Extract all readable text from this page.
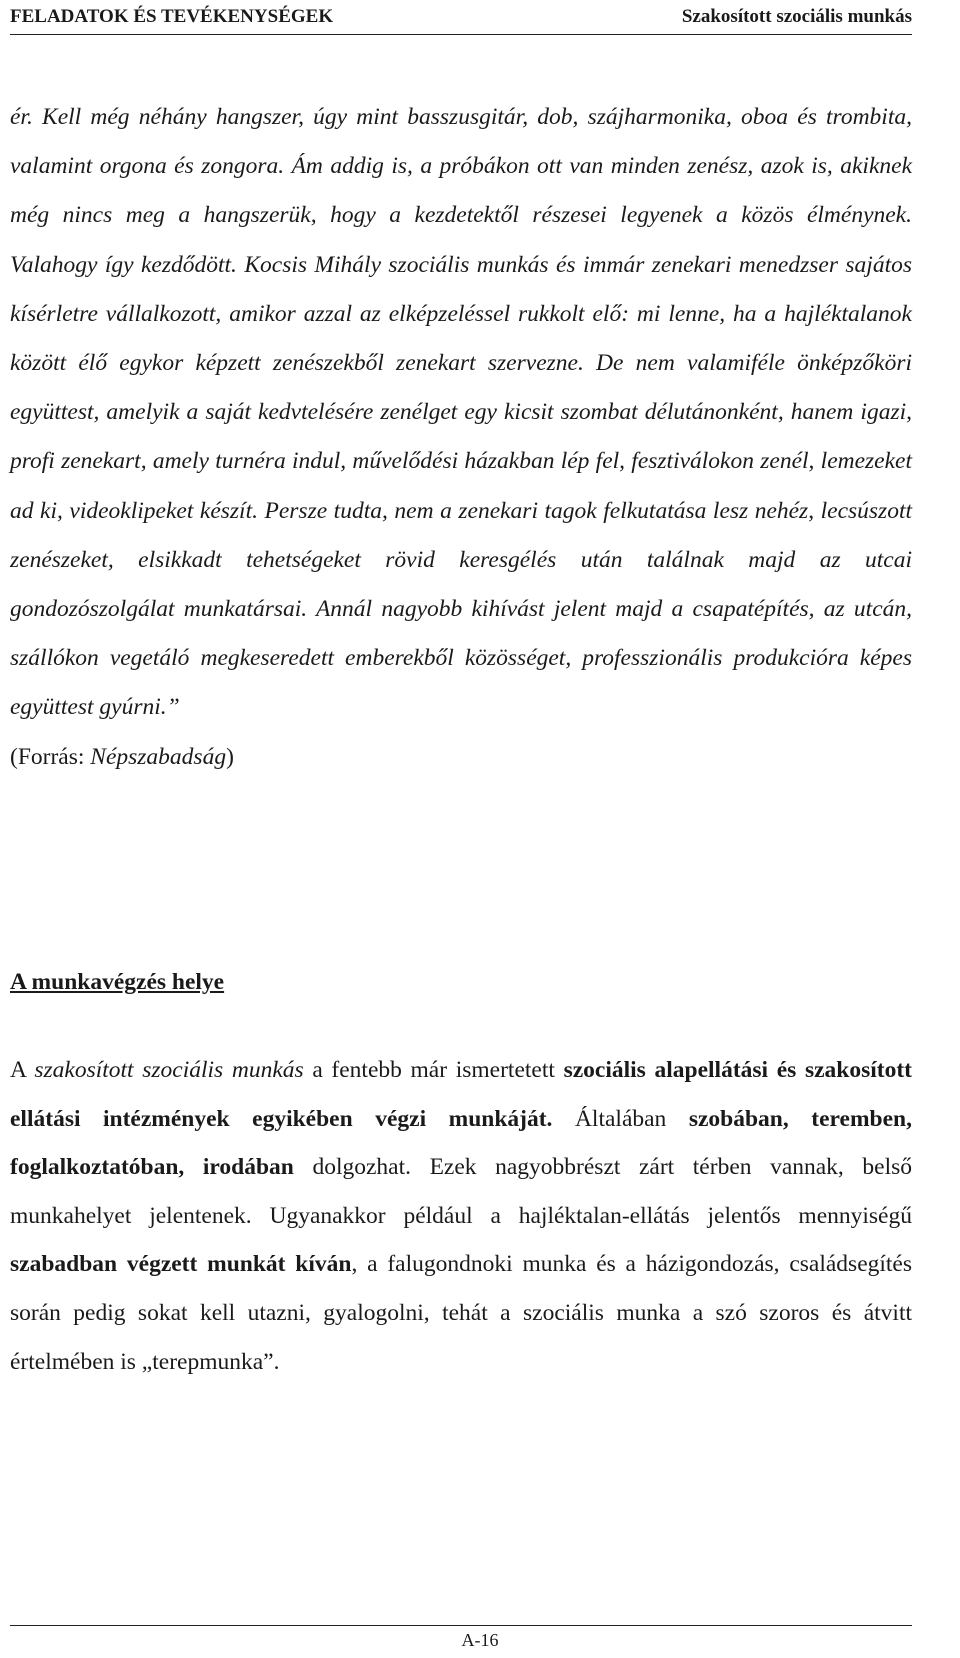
FELADATOK ÉS TEVÉKENYSÉGEK	Szakosított szociális munkás

ér. Kell még néhány hangszer, úgy mint basszusgitár, dob, szájharmonika, oboa és trombita, valamint orgona és zongora. Ám addig is, a próbákon ott van minden zenész, azok is, akiknek még nincs meg a hangszerük, hogy a kezdetektől részesei legyenek a közös élménynek. Valahogy így kezdődött. Kocsis Mihály szociális munkás és immár zenekari menedzser sajátos kísérletre vállalkozott, amikor azzal az elképzeléssel rukkolt elő: mi lenne, ha a hajléktalanok között élő egykor képzett zenészekből zenekart szervezne. De nem valamiféle önképzőköri együttest, amelyik a saját kedvtelésére zenélget egy kicsit szombat délutánonként, hanem igazi, profi zenekart, amely turnéra indul, művelődési házakban lép fel, fesztiválokon zenél, lemezeket ad ki, videoklipeket készít. Persze tudta, nem a zenekari tagok felkutatása lesz nehéz, lecsúszott zenészeket, elsikkadt tehetségeket rövid keresgélés után találnak majd az utcai gondozószolgálat munkatársai. Annál nagyobb kihívást jelent majd a csapatépítés, az utcán, szállókon vegetáló megkeseredett emberekből közösséget, professzionális produkcióra képes együttest gyúrni.”
(Forrás: Népszabadság)

A munkavégzés helye

A szakosított szociális munkás a fentebb már ismertetett szociális alapellátási és szakosított ellátási intézmények egyikében végzi munkáját. Általában szobában, teremben, foglalkoztatóban, irodában dolgozhat. Ezek nagyobbrészt zárt térben vannak, belső munkahelyet jelentenek. Ugyanakkor például a hajléktalan-ellátás jelentős mennyiségű szabadban végzett munkát kíván, a falugondnoki munka és a házigondozás, családsegítés során pedig sokat kell utazni, gyalogolni, tehát a szociális munka a szó szoros és átvitt értelmében is „terepmunka”.

A-16
